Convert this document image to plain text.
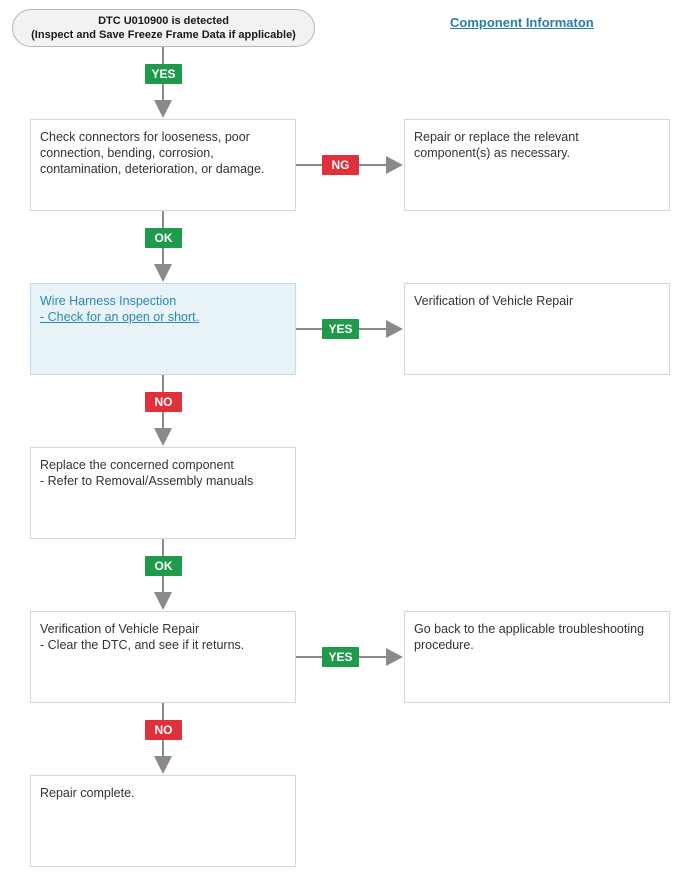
DTC U010900 is detected
(Inspect and Save Freeze Frame Data if applicable)
Component Informaton
YES
NG
OK
YES
NO
OK
YES
NO
Check connectors for looseness, poor
connection, bending, corrosion,
contamination, deterioration, or damage.
Repair or replace the relevant
component(s) as necessary.
Wire Harness Inspection
- Check for an open or short.
Verification of Vehicle Repair
Replace the concerned component
- Refer to Removal/Assembly manuals
Verification of Vehicle Repair
- Clear the DTC, and see if it returns.
Go back to the applicable troubleshooting
procedure.
Repair complete.
